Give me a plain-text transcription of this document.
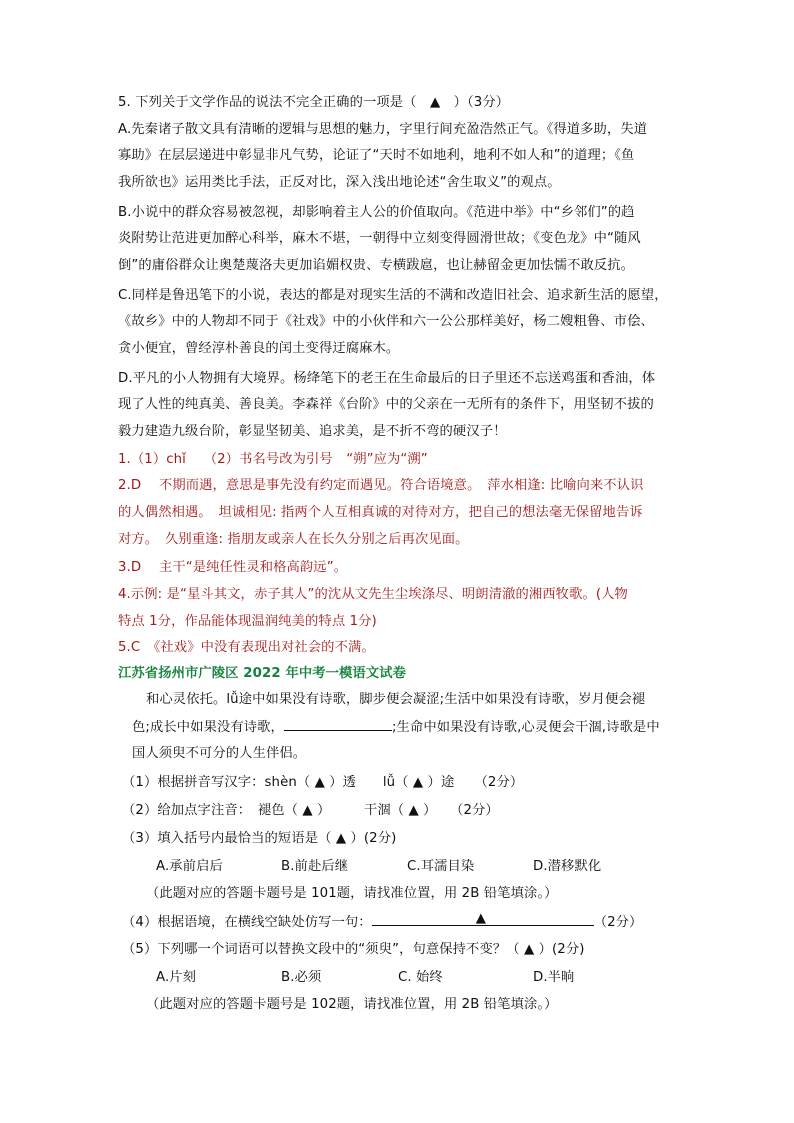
5. 下列关于文学作品的说法不完全正确的一项是（　▲　）（3分）
A.先秦诸子散文具有清晰的逻辑与思想的魅力，字里行间充盈浩然正气。《得道多助，失道
寡助》在层层递进中彰显非凡气势，论证了“天时不如地利，地利不如人和”的道理；《鱼
我所欲也》运用类比手法，正反对比，深入浅出地论述“舍生取义”的观点。
B.小说中的群众容易被忽视，却影响着主人公的价值取向。《范进中举》中“乡邻们”的趋
炎附势让范进更加醉心科举，麻木不堪，一朝得中立刻变得圆滑世故；《变色龙》中“随风
倒”的庸俗群众让奥楚蔑洛夫更加谄媚权贵、专横跋扈，也让赫留金更加怯懦不敢反抗。
C.同样是鲁迅笔下的小说，表达的都是对现实生活的不满和改造旧社会、追求新生活的愿望，
《故乡》中的人物却不同于《社戏》中的小伙伴和六一公公那样美好，杨二嫂粗鲁、市侩、
贪小便宜，曾经淳朴善良的闰土变得迂腐麻木。
D.平凡的小人物拥有大境界。杨绛笔下的老王在生命最后的日子里还不忘送鸡蛋和香油，体
现了人性的纯真美、善良美。李森祥《台阶》中的父亲在一无所有的条件下，用坚韧不拔的
毅力建造九级台阶，彰显坚韧美、追求美，是不折不弯的硬汉子！
1.（1）chǐ　 （2）书名号改为引号　“朔”应为“溯”
2.D　 不期而遇，意思是事先没有约定而遇见。符合语境意。　萍水相逢: 比喻向来不认识
的人偶然相遇。　坦诚相见: 指两个人互相真诚的对待对方，把自己的想法毫无保留地告诉
对方。　久别重逢: 指朋友或亲人在长久分别之后再次见面。
3.D　 主干“是纯任性灵和格高韵远”。
4.示例: 是“星斗其文，赤子其人”的沈从文先生尘埃涤尽、明朗清澈的湘西牧歌。(人物
特点 1分，作品能体现温润纯美的特点 1分)
5.C　《社戏》中没有表现出对社会的不满。
江苏省扬州市广陵区 2022 年中考一模语文试卷
和心灵依托。lǚ途中如果没有诗歌，脚步便会凝涩;生活中如果没有诗歌，岁月便会褪
色;成长中如果没有诗歌，	;生命中如果没有诗歌,心灵便会干涸,诗歌是中
国人须臾不可分的人生伴侣。
（1）根据拼音写汉字：shèn（ ▲ ）透　　lǚ（ ▲ ）途　　（2分）
（2）给加点字注音：　褪色（ ▲ ）　　　干涸（ ▲ ）　　（2分）
（3）填入括号内最恰当的短语是（ ▲ ）(2分)
A.承前启后	B.前赴后继	C.耳濡目染	D.潜移默化
（此题对应的答题卡题号是 101题，请找准位置，用 2B 铅笔填涂。）
（4）根据语境，在横线空缺处仿写一句：	▲	（2分）
（5）下列哪一个词语可以替换文段中的“须臾”，句意保持不变？（ ▲ ）(2分)
A.片刻	B.必须	C. 始终	D.半晌
（此题对应的答题卡题号是 102题，请找准位置，用 2B 铅笔填涂。）
